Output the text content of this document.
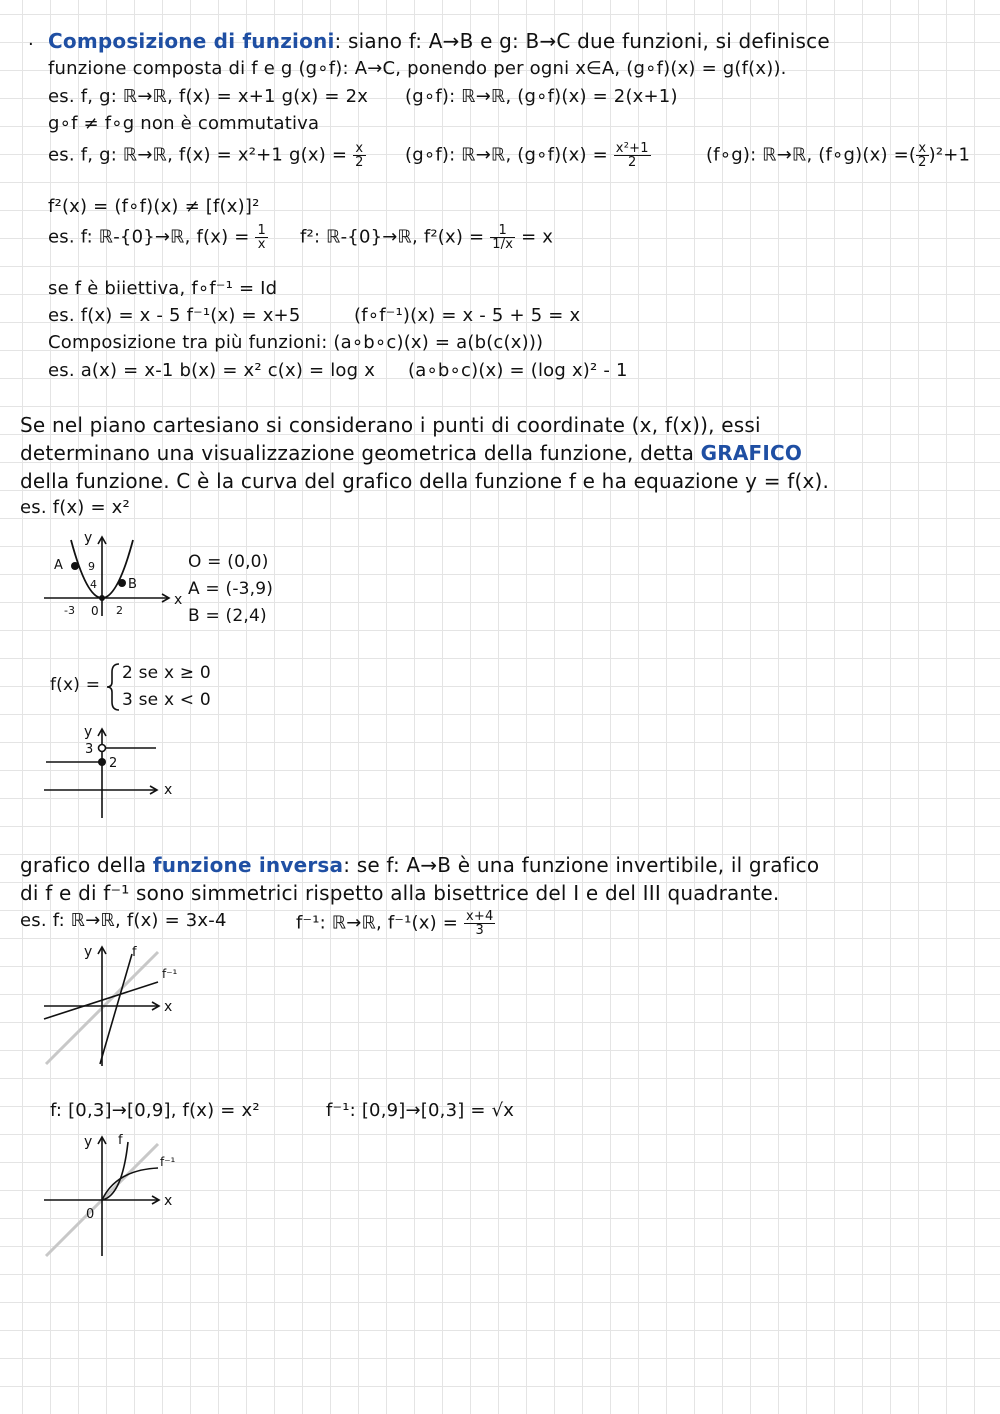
· Composizione di funzioni: siano f: A→B e g: B→C due funzioni, si definisce
funzione composta di f e g (g∘f): A→C, ponendo per ogni x∈A, (g∘f)(x) = g(f(x)).
es. f, g: ℝ→ℝ, f(x) = x+1 g(x) = 2x (g∘f): ℝ→ℝ, (g∘f)(x) = 2(x+1)
g∘f ≠ f∘g non è commutativa
es. f, g: ℝ→ℝ, f(x) = x²+1 $g(x) = \frac{x}{2}$ (g∘f): ℝ→ℝ, (g∘f)(x) = $\frac{\text{x²+1}}{2}$	(f∘g): ℝ→ℝ, (f∘g)(x) =( $\frac{x}{2} )^2+1$
f²(x) = (f∘f)(x) ≠ [f(x)]²
es. f: ℝ-{0}→ℝ, $f(x) = \frac{1}{x} f^2$: ℝ-{0}→ℝ, $f^2(x) = \frac{1}{1/x} = x$
se f è biiettiva, f∘f⁻¹ = Id
es. f(x) = x - 5 f⁻¹(x) = x+5	(f∘f⁻¹)(x) = x - 5 + 5 = x
Composizione tra più funzioni: (a∘b∘c)(x) = a(b(c(x)))
es. a(x) = x-1 b(x) = x² c(x) = log x (a∘b∘c)(x) = (log x)² - 1
Se nel piano cartesiano si considerano i punti di coordinate (x, f(x)), essi
determinano una visualizzazione geometrica della funzione, detta GRAFICO
della funzione. C è la curva del grafico della funzione f e ha equazione y = f(x).
es. f(x) = x²
A
B
9
4
-3 0 2
y
x
O = (0,0)
A = (-3,9)
B = (2,4)
f(x) =
2 se x ≥ 0
3 se x < 0
y
3
2
x
grafico della funzione inversa: se f: A→B è una funzione invertibile, il grafico
di f e di f⁻¹ sono simmetrici rispetto alla bisettrice del I e del III quadrante.
es. f: ℝ→ℝ, f(x) = 3x-4	f⁻¹: ℝ→ℝ, $f^{-1}(x) = \frac{x+4}{3}$
y	f
f⁻¹
x
f: [0,3]→[0,9], f(x) = x²	f⁻¹: [0,9]→[0,3] = √x
y f
f⁻¹
x
0
